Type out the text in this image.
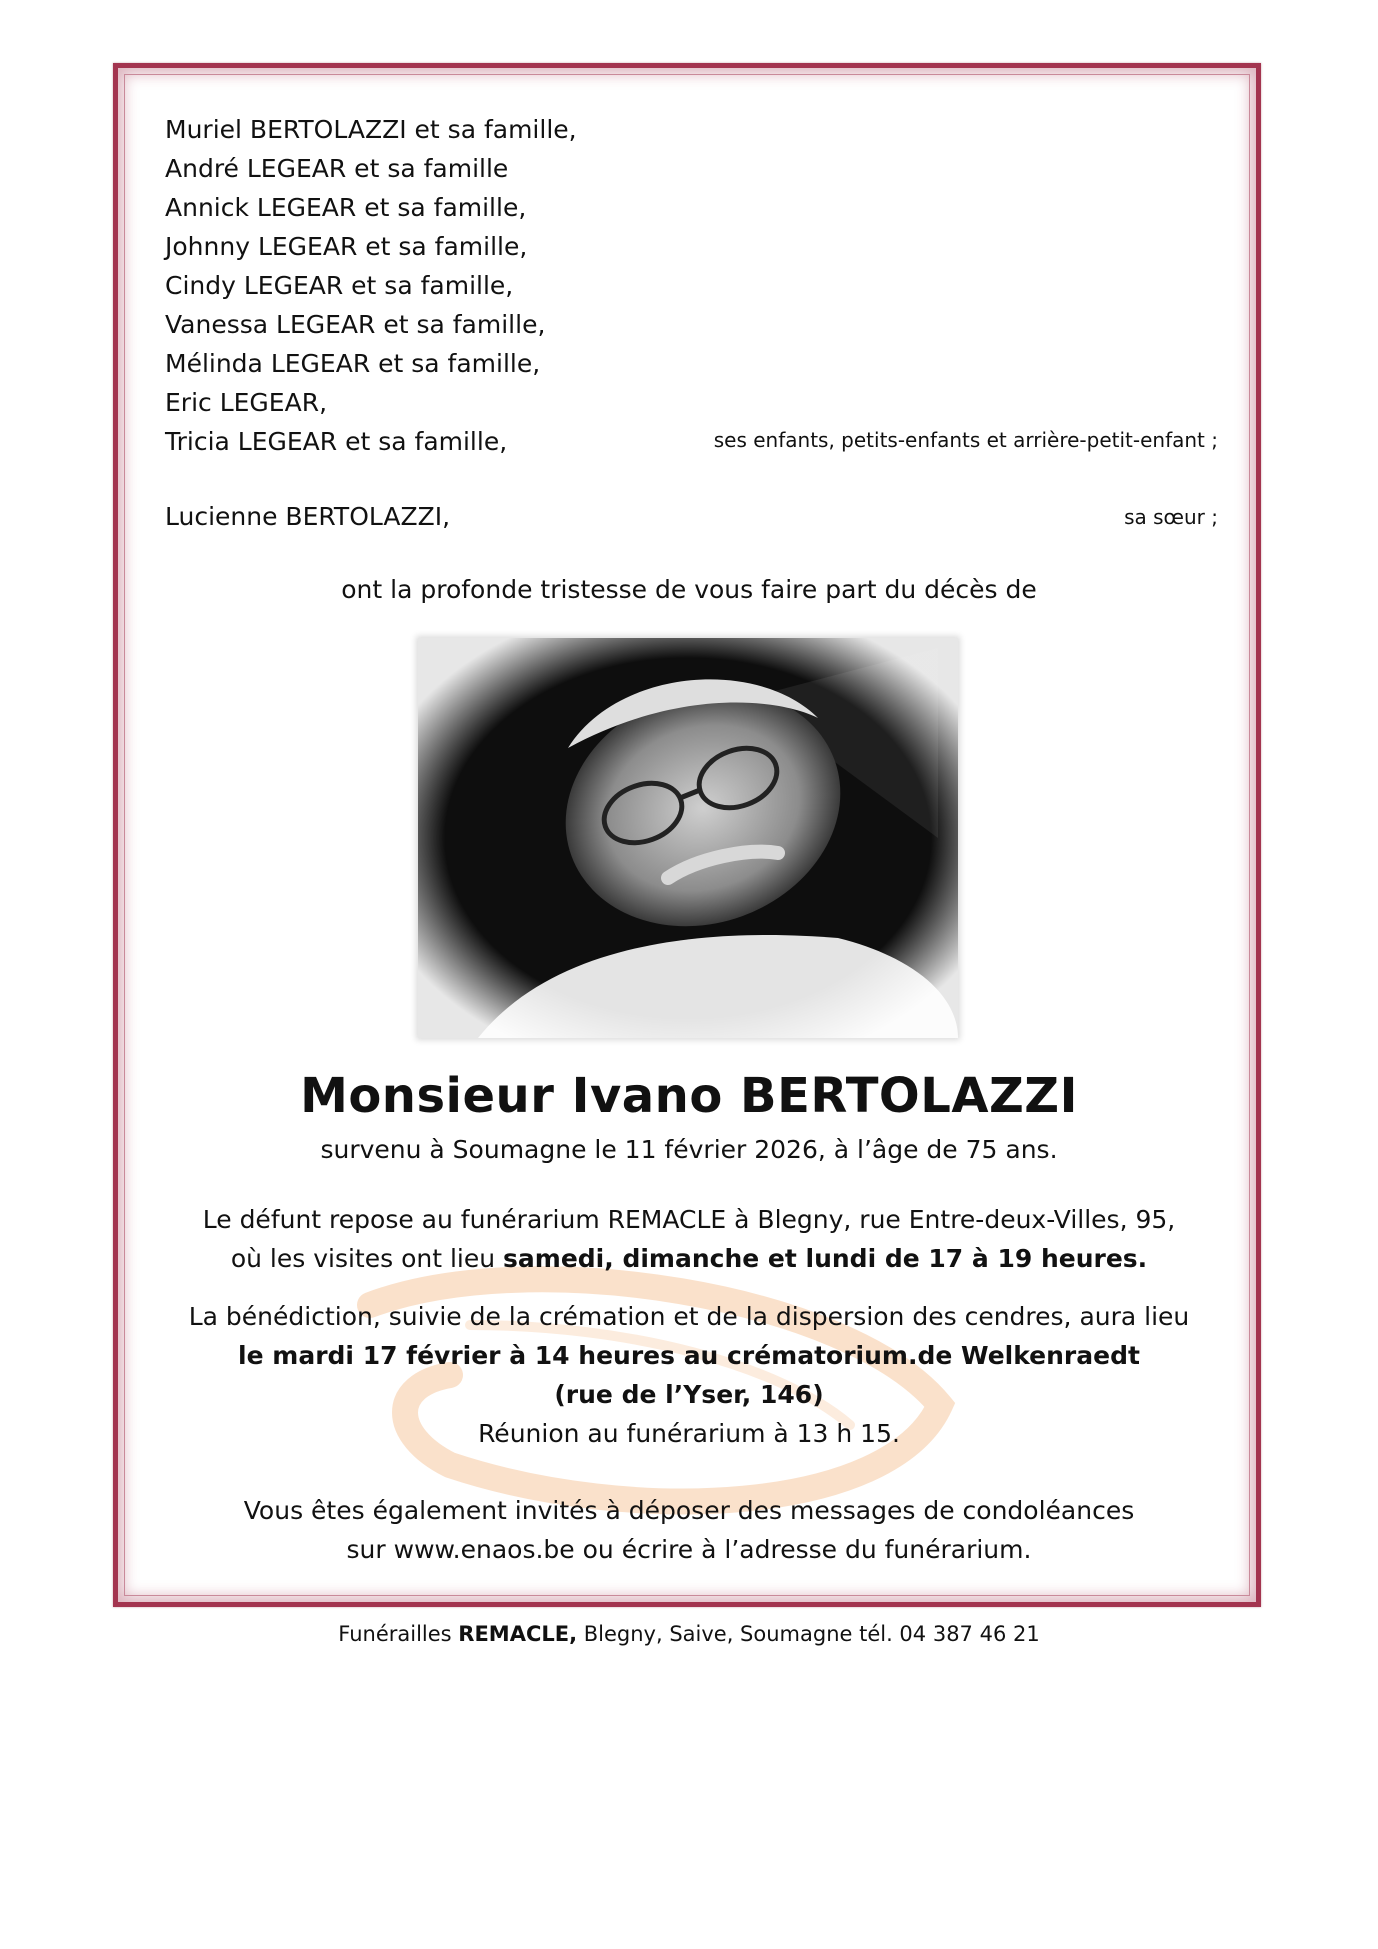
Muriel BERTOLAZZI et sa famille,
André LEGEAR et sa famille
Annick LEGEAR et sa famille,
Johnny LEGEAR et sa famille,
Cindy LEGEAR et sa famille,
Vanessa LEGEAR et sa famille,
Mélinda LEGEAR et sa famille,
Eric LEGEAR,
Tricia LEGEAR et sa famille,	ses enfants, petits-enfants et arrière-petit-enfant ;
Lucienne BERTOLAZZI,	sa sœur ;
ont la profonde tristesse de vous faire part du décès de
Monsieur Ivano BERTOLAZZI
survenu à Soumagne le 11 février 2026, à l’âge de 75 ans.
Le défunt repose au funérarium REMACLE à Blegny, rue Entre-deux-Villes, 95,
où les visites ont lieu samedi, dimanche et lundi de 17 à 19 heures.
La bénédiction, suivie de la crémation et de la dispersion des cendres, aura lieu
le mardi 17 février à 14 heures au crématorium.de Welkenraedt
(rue de l’Yser, 146)
Réunion au funérarium à 13 h 15.
Vous êtes également invités à déposer des messages de condoléances
sur www.enaos.be ou écrire à l’adresse du funérarium.
Funérailles REMACLE, Blegny, Saive, Soumagne tél. 04 387 46 21
